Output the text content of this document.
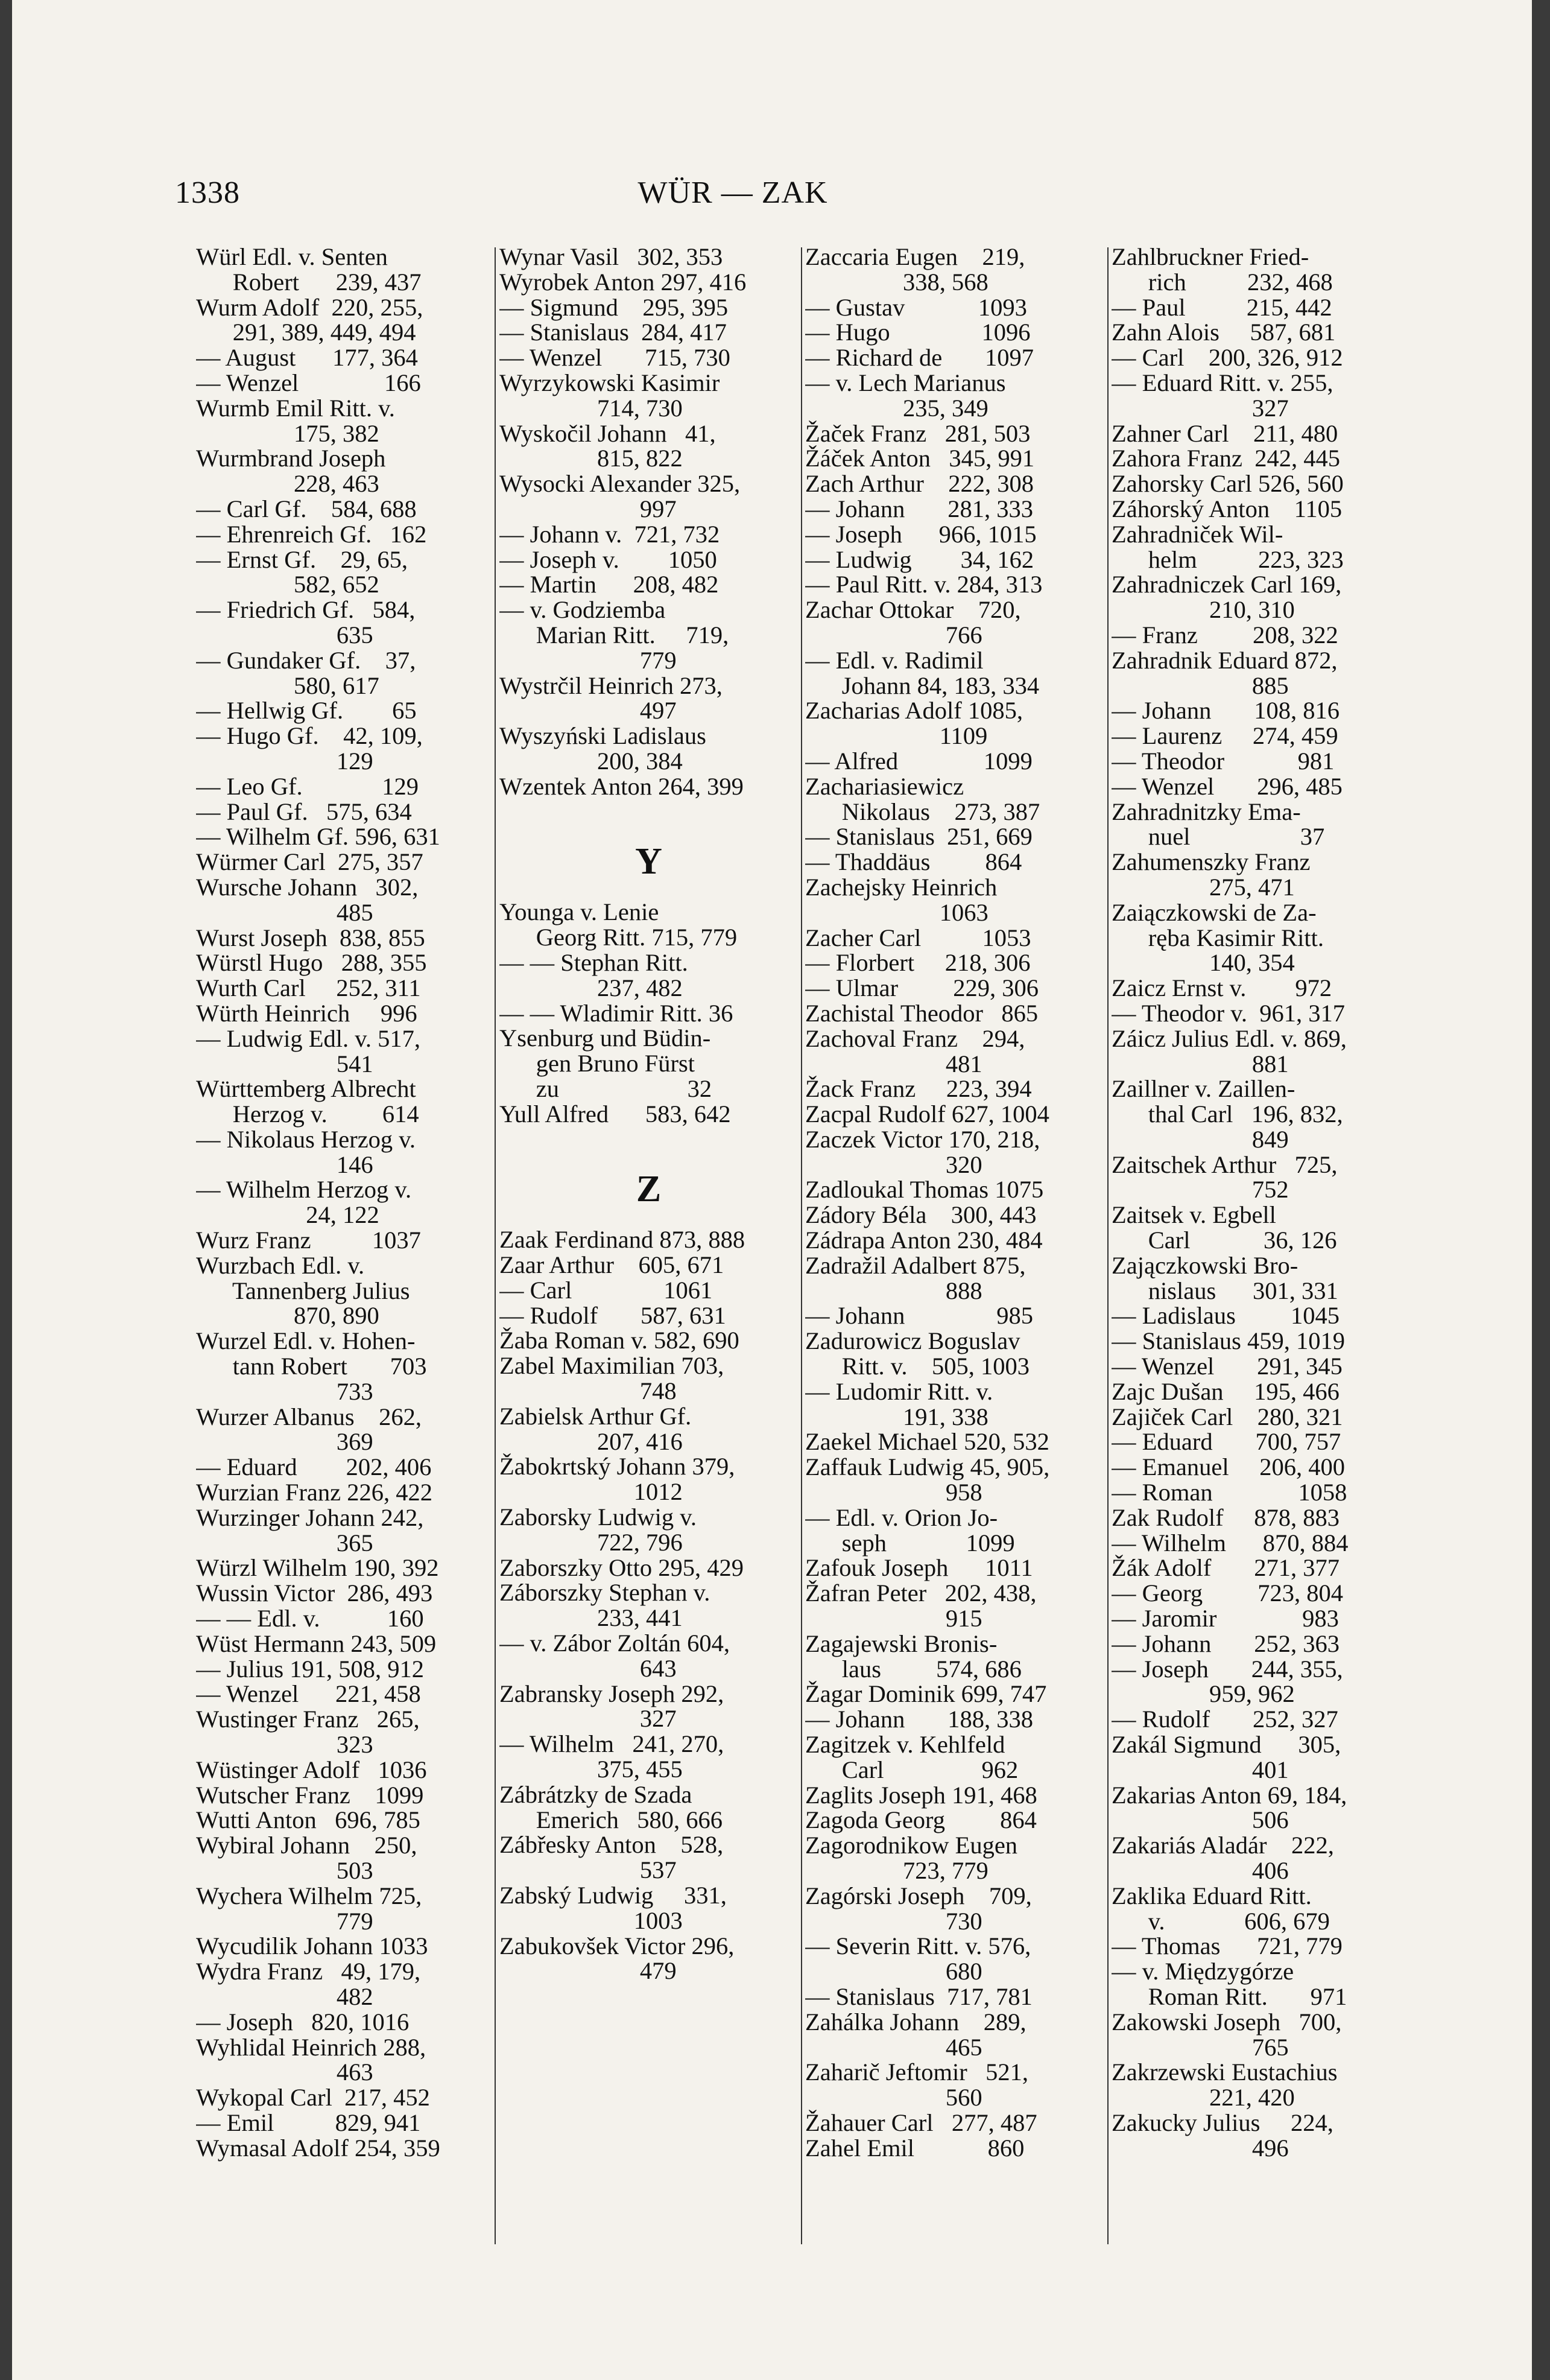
1338	WÜR — ZAK
Würl Edl. v. Senten
Robert      239, 437
Wurm Adolf  220, 255,
291, 389, 449, 494
— August      177, 364
— Wenzel              166
Wurmb Emil Ritt. v.
175, 382
Wurmbrand Joseph
228, 463
— Carl Gf.    584, 688
— Ehrenreich Gf.   162
— Ernst Gf.    29, 65,
582, 652
— Friedrich Gf.   584,
635
— Gundaker Gf.    37,
580, 617
— Hellwig Gf.        65
— Hugo Gf.    42, 109,
129
— Leo Gf.             129
— Paul Gf.   575, 634
— Wilhelm Gf. 596, 631
Würmer Carl  275, 357
Wursche Johann   302,
485
Wurst Joseph  838, 855
Würstl Hugo   288, 355
Wurth Carl     252, 311
Würth Heinrich     996
— Ludwig Edl. v. 517,
541
Württemberg Albrecht
Herzog v.         614
— Nikolaus Herzog v.
146
— Wilhelm Herzog v.
24, 122
Wurz Franz          1037
Wurzbach Edl. v.
Tannenberg Julius
870, 890
Wurzel Edl. v. Hohen-
tann Robert       703
733
Wurzer Albanus    262,
369
— Eduard        202, 406
Wurzian Franz 226, 422
Wurzinger Johann 242,
365
Würzl Wilhelm 190, 392
Wussin Victor  286, 493
— — Edl. v.           160
Wüst Hermann 243, 509
— Julius 191, 508, 912
— Wenzel      221, 458
Wustinger Franz   265,
323
Wüstinger Adolf   1036
Wutscher Franz    1099
Wutti Anton   696, 785
Wybiral Johann    250,
503
Wychera Wilhelm 725,
779
Wycudilik Johann 1033
Wydra Franz   49, 179,
482
— Joseph   820, 1016
Wyhlidal Heinrich 288,
463
Wykopal Carl  217, 452
— Emil          829, 941
Wymasal Adolf 254, 359
Wynar Vasil   302, 353
Wyrobek Anton 297, 416
— Sigmund    295, 395
— Stanislaus  284, 417
— Wenzel       715, 730
Wyrzykowski Kasimir
714, 730
Wyskočil Johann   41,
815, 822
Wysocki Alexander 325,
997
— Johann v.  721, 732
— Joseph v.        1050
— Martin      208, 482
— v. Godziemba
Marian Ritt.     719,
779
Wystrčil Heinrich 273,
497
Wyszyński Ladislaus
200, 384
Wzentek Anton 264, 399
Y
Younga v. Lenie
Georg Ritt. 715, 779
— — Stephan Ritt.
237, 482
— — Wladimir Ritt. 36
Ysenburg und Büdin-
gen Bruno Fürst
zu                     32
Yull Alfred      583, 642
Z
Zaak Ferdinand 873, 888
Zaar Arthur    605, 671
— Carl               1061
— Rudolf       587, 631
Žaba Roman v. 582, 690
Zabel Maximilian 703,
748
Zabielsk Arthur Gf.
207, 416
Žabokrtský Johann 379,
1012
Zaborsky Ludwig v.
722, 796
Zaborszky Otto 295, 429
Záborszky Stephan v.
233, 441
— v. Zábor Zoltán 604,
643
Zabransky Joseph 292,
327
— Wilhelm   241, 270,
375, 455
Zábrátzky de Szada
Emerich   580, 666
Zábřesky Anton    528,
537
Zabský Ludwig     331,
1003
Zabukovšek Victor 296,
479
Zaccaria Eugen    219,
338, 568
— Gustav            1093
— Hugo               1096
— Richard de       1097
— v. Lech Marianus
235, 349
Žaček Franz   281, 503
Žáček Anton   345, 991
Zach Arthur    222, 308
— Johann       281, 333
— Joseph      966, 1015
— Ludwig        34, 162
— Paul Ritt. v. 284, 313
Zachar Ottokar    720,
766
— Edl. v. Radimil
Johann 84, 183, 334
Zacharias Adolf 1085,
1109
— Alfred              1099
Zachariasiewicz
Nikolaus    273, 387
— Stanislaus  251, 669
— Thaddäus         864
Zachejsky Heinrich
1063
Zacher Carl          1053
— Florbert     218, 306
— Ulmar         229, 306
Zachistal Theodor   865
Zachoval Franz    294,
481
Žack Franz     223, 394
Zacpal Rudolf 627, 1004
Zaczek Victor 170, 218,
320
Zadloukal Thomas 1075
Zádory Béla    300, 443
Zádrapa Anton 230, 484
Zadražil Adalbert 875,
888
— Johann               985
Zadurowicz Boguslav
Ritt. v.    505, 1003
— Ludomir Ritt. v.
191, 338
Zaekel Michael 520, 532
Zaffauk Ludwig 45, 905,
958
— Edl. v. Orion Jo-
seph             1099
Zafouk Joseph      1011
Žafran Peter   202, 438,
915
Zagajewski Bronis-
laus         574, 686
Žagar Dominik 699, 747
— Johann       188, 338
Zagitzek v. Kehlfeld
Carl                962
Zaglits Joseph 191, 468
Zagoda Georg         864
Zagorodnikow Eugen
723, 779
Zagórski Joseph    709,
730
— Severin Ritt. v. 576,
680
— Stanislaus  717, 781
Zahálka Johann    289,
465
Zaharič Jeftomir   521,
560
Žahauer Carl   277, 487
Zahel Emil            860
Zahlbruckner Fried-
rich          232, 468
— Paul          215, 442
Zahn Alois     587, 681
— Carl    200, 326, 912
— Eduard Ritt. v. 255,
327
Zahner Carl    211, 480
Zahora Franz  242, 445
Zahorsky Carl 526, 560
Záhorský Anton    1105
Zahradniček Wil-
helm          223, 323
Zahradniczek Carl 169,
210, 310
— Franz         208, 322
Zahradnik Eduard 872,
885
— Johann       108, 816
— Laurenz     274, 459
— Theodor            981
— Wenzel       296, 485
Zahradnitzky Ema-
nuel                  37
Zahumenszky Franz
275, 471
Zaiączkowski de Za-
ręba Kasimir Ritt.
140, 354
Zaicz Ernst v.        972
— Theodor v.  961, 317
Záicz Julius Edl. v. 869,
881
Zaillner v. Zaillen-
thal Carl   196, 832,
849
Zaitschek Arthur   725,
752
Zaitsek v. Egbell
Carl            36, 126
Zajączkowski Bro-
nislaus      301, 331
— Ladislaus         1045
— Stanislaus 459, 1019
— Wenzel       291, 345
Zajc Dušan     195, 466
Zajiček Carl    280, 321
— Eduard       700, 757
— Emanuel     206, 400
— Roman              1058
Zak Rudolf     878, 883
— Wilhelm      870, 884
Žák Adolf       271, 377
— Georg         723, 804
— Jaromir              983
— Johann       252, 363
— Joseph       244, 355,
959, 962
— Rudolf       252, 327
Zakál Sigmund      305,
401
Zakarias Anton 69, 184,
506
Zakariás Aladár    222,
406
Zaklika Eduard Ritt.
v.             606, 679
— Thomas      721, 779
— v. Międzygórze
Roman Ritt.       971
Zakowski Joseph   700,
765
Zakrzewski Eustachius
221, 420
Zakucky Julius     224,
496
